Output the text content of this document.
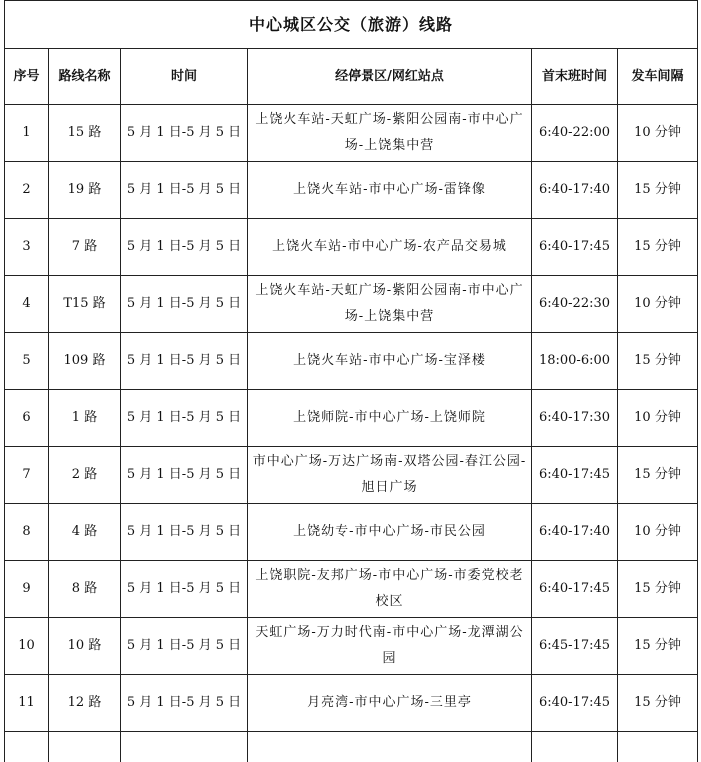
中心城区公交（旅游）线路					
序号	路线名称	时间	经停景区/网红站点	首末班时间	发车间隔
1	15 路	5 月 1 日-5 月 5 日	上饶火车站-天虹广场-紫阳公园南-市中心广场-上饶集中营	6:40-22:00	10 分钟
2	19 路	5 月 1 日-5 月 5 日	上饶火车站-市中心广场-雷锋像	6:40-17:40	15 分钟
3	7 路	5 月 1 日-5 月 5 日	上饶火车站-市中心广场-农产品交易城	6:40-17:45	15 分钟
4	T15 路	5 月 1 日-5 月 5 日	上饶火车站-天虹广场-紫阳公园南-市中心广场-上饶集中营	6:40-22:30	10 分钟
5	109 路	5 月 1 日-5 月 5 日	上饶火车站-市中心广场-宝泽楼	18:00-6:00	15 分钟
6	1 路	5 月 1 日-5 月 5 日	上饶师院-市中心广场-上饶师院	6:40-17:30	10 分钟
7	2 路	5 月 1 日-5 月 5 日	市中心广场-万达广场南-双塔公园-春江公园-旭日广场	6:40-17:45	15 分钟
8	4 路	5 月 1 日-5 月 5 日	上饶幼专-市中心广场-市民公园	6:40-17:40	10 分钟
9	8 路	5 月 1 日-5 月 5 日	上饶职院-友邦广场-市中心广场-市委党校老校区	6:40-17:45	15 分钟
10	10 路	5 月 1 日-5 月 5 日	天虹广场-万力时代南-市中心广场-龙潭湖公园	6:45-17:45	15 分钟
11	12 路	5 月 1 日-5 月 5 日	月亮湾-市中心广场-三里亭	6:40-17:45	15 分钟
